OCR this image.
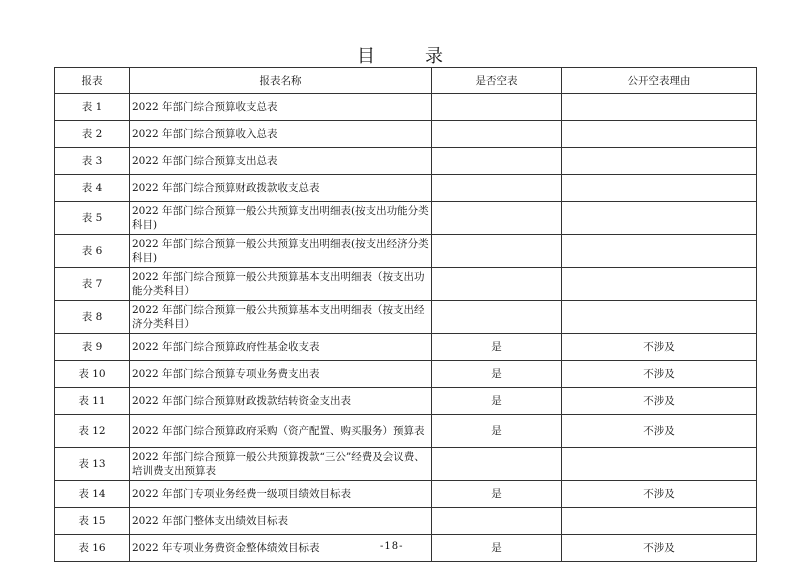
目	录
报表	报表名称	是否空表	公开空表理由
表 1	2022 年部门综合预算收支总表		
表 2	2022 年部门综合预算收入总表		
表 3	2022 年部门综合预算支出总表		
表 4	2022 年部门综合预算财政拨款收支总表		
表 5	2022 年部门综合预算一般公共预算支出明细表(按支出功能分类科目)		
表 6	2022 年部门综合预算一般公共预算支出明细表(按支出经济分类科目)		
表 7	2022 年部门综合预算一般公共预算基本支出明细表（按支出功能分类科目）		
表 8	2022 年部门综合预算一般公共预算基本支出明细表（按支出经济分类科目）		
表 9	2022 年部门综合预算政府性基金收支表	是	不涉及
表 10	2022 年部门综合预算专项业务费支出表	是	不涉及
表 11	2022 年部门综合预算财政拨款结转资金支出表	是	不涉及
表 12	2022 年部门综合预算政府采购（资产配置、购买服务）预算表	是	不涉及
表 13	2022 年部门综合预算一般公共预算拨款“三公”经费及会议费、培训费支出预算表		
表 14	2022 年部门专项业务经费一级项目绩效目标表	是	不涉及
表 15	2022 年部门整体支出绩效目标表		
表 16	2022 年专项业务费资金整体绩效目标表	是	不涉及
-18-
